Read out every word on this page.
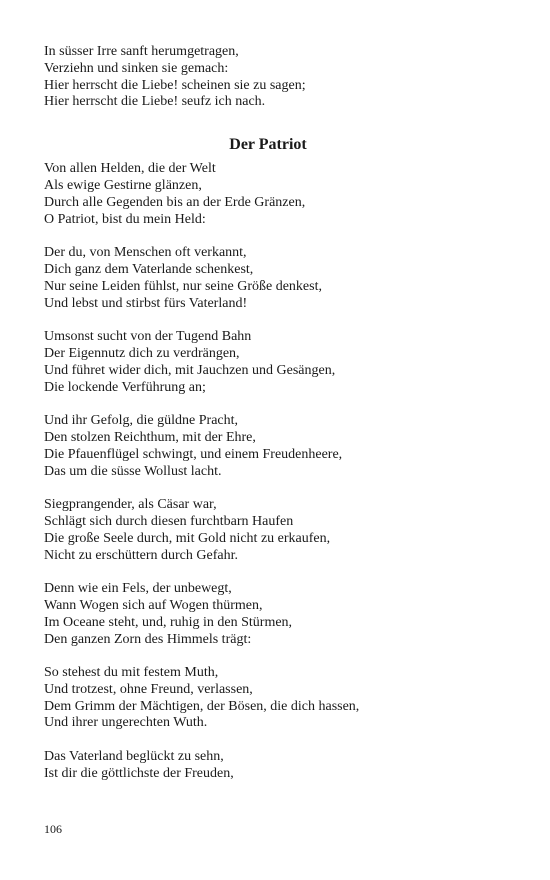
In süsser Irre sanft herumgetragen,
Verziehn und sinken sie gemach:
Hier herrscht die Liebe! scheinen sie zu sagen;
Hier herrscht die Liebe! seufz ich nach.
Der Patriot
Von allen Helden, die der Welt
Als ewige Gestirne glänzen,
Durch alle Gegenden bis an der Erde Gränzen,
O Patriot, bist du mein Held:
Der du, von Menschen oft verkannt,
Dich ganz dem Vaterlande schenkest,
Nur seine Leiden fühlst, nur seine Größe denkest,
Und lebst und stirbst fürs Vaterland!
Umsonst sucht von der Tugend Bahn
Der Eigennutz dich zu verdrängen,
Und führet wider dich, mit Jauchzen und Gesängen,
Die lockende Verführung an;
Und ihr Gefolg, die güldne Pracht,
Den stolzen Reichthum, mit der Ehre,
Die Pfauenflügel schwingt, und einem Freudenheere,
Das um die süsse Wollust lacht.
Siegprangender, als Cäsar war,
Schlägt sich durch diesen furchtbarn Haufen
Die große Seele durch, mit Gold nicht zu erkaufen,
Nicht zu erschüttern durch Gefahr.
Denn wie ein Fels, der unbewegt,
Wann Wogen sich auf Wogen thürmen,
Im Oceane steht, und, ruhig in den Stürmen,
Den ganzen Zorn des Himmels trägt:
So stehest du mit festem Muth,
Und trotzest, ohne Freund, verlassen,
Dem Grimm der Mächtigen, der Bösen, die dich hassen,
Und ihrer ungerechten Wuth.
Das Vaterland beglückt zu sehn,
Ist dir die göttlichste der Freuden,
106
